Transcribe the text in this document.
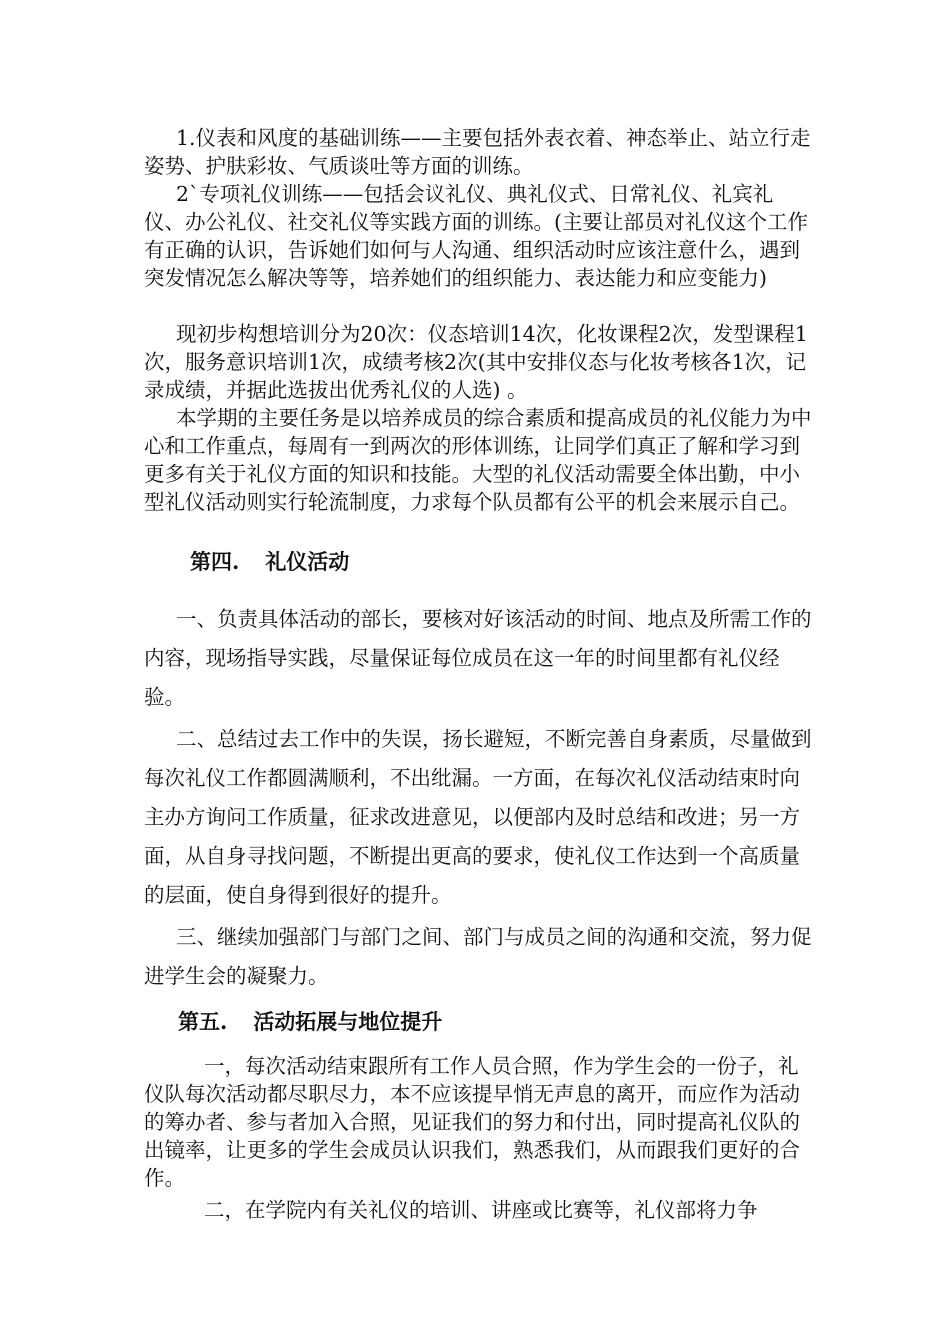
1.仪表和风度的基础训练——主要包括外表衣着、神态举止、站立行走姿势、护肤彩妆、气质谈吐等方面的训练。

2`专项礼仪训练——包括会议礼仪、典礼仪式、日常礼仪、礼宾礼仪、办公礼仪、社交礼仪等实践方面的训练。(主要让部员对礼仪这个工作有正确的认识，告诉她们如何与人沟通、组织活动时应该注意什么，遇到突发情况怎么解决等等，培养她们的组织能力、表达能力和应变能力)

现初步构想培训分为20次：仪态培训14次，化妆课程2次，发型课程1次，服务意识培训1次，成绩考核2次(其中安排仪态与化妆考核各1次，记录成绩，并据此选拔出优秀礼仪的人选) 。

本学期的主要任务是以培养成员的综合素质和提高成员的礼仪能力为中心和工作重点，每周有一到两次的形体训练，让同学们真正了解和学习到更多有关于礼仪方面的知识和技能。大型的礼仪活动需要全体出勤，中小型礼仪活动则实行轮流制度，力求每个队员都有公平的机会来展示自己。

第四. 礼仪活动

一、负责具体活动的部长，要核对好该活动的时间、地点及所需工作的内容，现场指导实践，尽量保证每位成员在这一年的时间里都有礼仪经验。

二、总结过去工作中的失误，扬长避短，不断完善自身素质，尽量做到每次礼仪工作都圆满顺利，不出纰漏。一方面，在每次礼仪活动结束时向主办方询问工作质量，征求改进意见，以便部内及时总结和改进；另一方面，从自身寻找问题，不断提出更高的要求，使礼仪工作达到一个高质量的层面，使自身得到很好的提升。

三、继续加强部门与部门之间、部门与成员之间的沟通和交流，努力促进学生会的凝聚力。

第五. 活动拓展与地位提升

一，每次活动结束跟所有工作人员合照，作为学生会的一份子，礼仪队每次活动都尽职尽力，本不应该提早悄无声息的离开，而应作为活动的筹办者、参与者加入合照，见证我们的努力和付出，同时提高礼仪队的出镜率，让更多的学生会成员认识我们，熟悉我们，从而跟我们更好的合作。

二，在学院内有关礼仪的培训、讲座或比赛等，礼仪部将力争
